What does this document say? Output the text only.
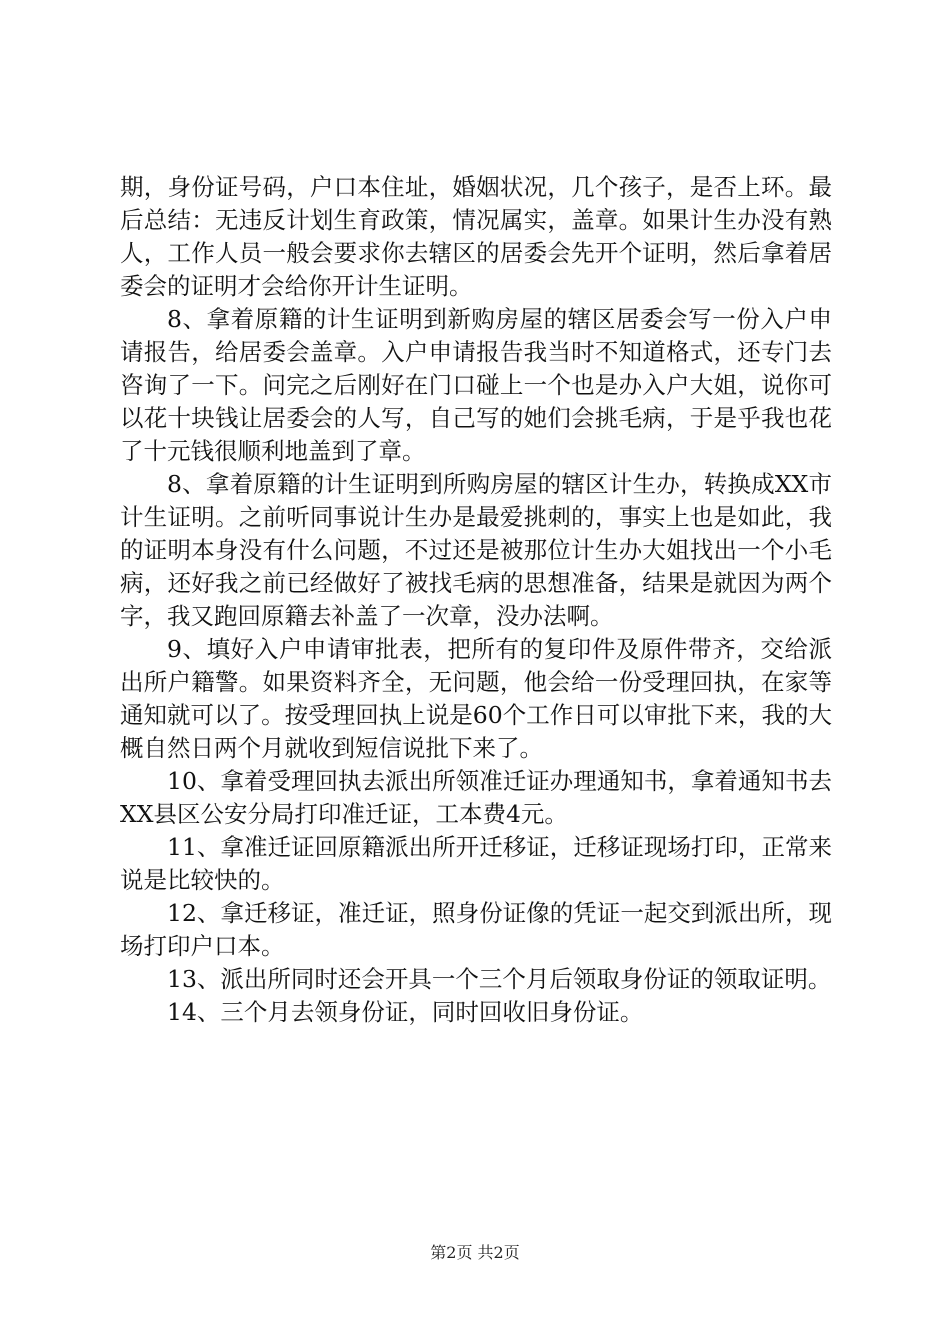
期，身份证号码，户口本住址，婚姻状况，几个孩子，是否上环。最后总结：无违反计划生育政策，情况属实，盖章。如果计生办没有熟人，工作人员一般会要求你去辖区的居委会先开个证明，然后拿着居委会的证明才会给你开计生证明。

8、拿着原籍的计生证明到新购房屋的辖区居委会写一份入户申请报告，给居委会盖章。入户申请报告我当时不知道格式，还专门去咨询了一下。问完之后刚好在门口碰上一个也是办入户大姐，说你可以花十块钱让居委会的人写，自己写的她们会挑毛病，于是乎我也花了十元钱很顺利地盖到了章。

8、拿着原籍的计生证明到所购房屋的辖区计生办，转换成XX市计生证明。之前听同事说计生办是最爱挑刺的，事实上也是如此，我的证明本身没有什么问题，不过还是被那位计生办大姐找出一个小毛病，还好我之前已经做好了被找毛病的思想准备，结果是就因为两个字，我又跑回原籍去补盖了一次章，没办法啊。

9、填好入户申请审批表，把所有的复印件及原件带齐，交给派出所户籍警。如果资料齐全，无问题，他会给一份受理回执，在家等通知就可以了。按受理回执上说是60个工作日可以审批下来，我的大概自然日两个月就收到短信说批下来了。

10、拿着受理回执去派出所领准迁证办理通知书，拿着通知书去XX县区公安分局打印准迁证，工本费4元。

11、拿准迁证回原籍派出所开迁移证，迁移证现场打印，正常来说是比较快的。

12、拿迁移证，准迁证，照身份证像的凭证一起交到派出所，现场打印户口本。

13、派出所同时还会开具一个三个月后领取身份证的领取证明。

14、三个月去领身份证，同时回收旧身份证。

第2页 共2页
